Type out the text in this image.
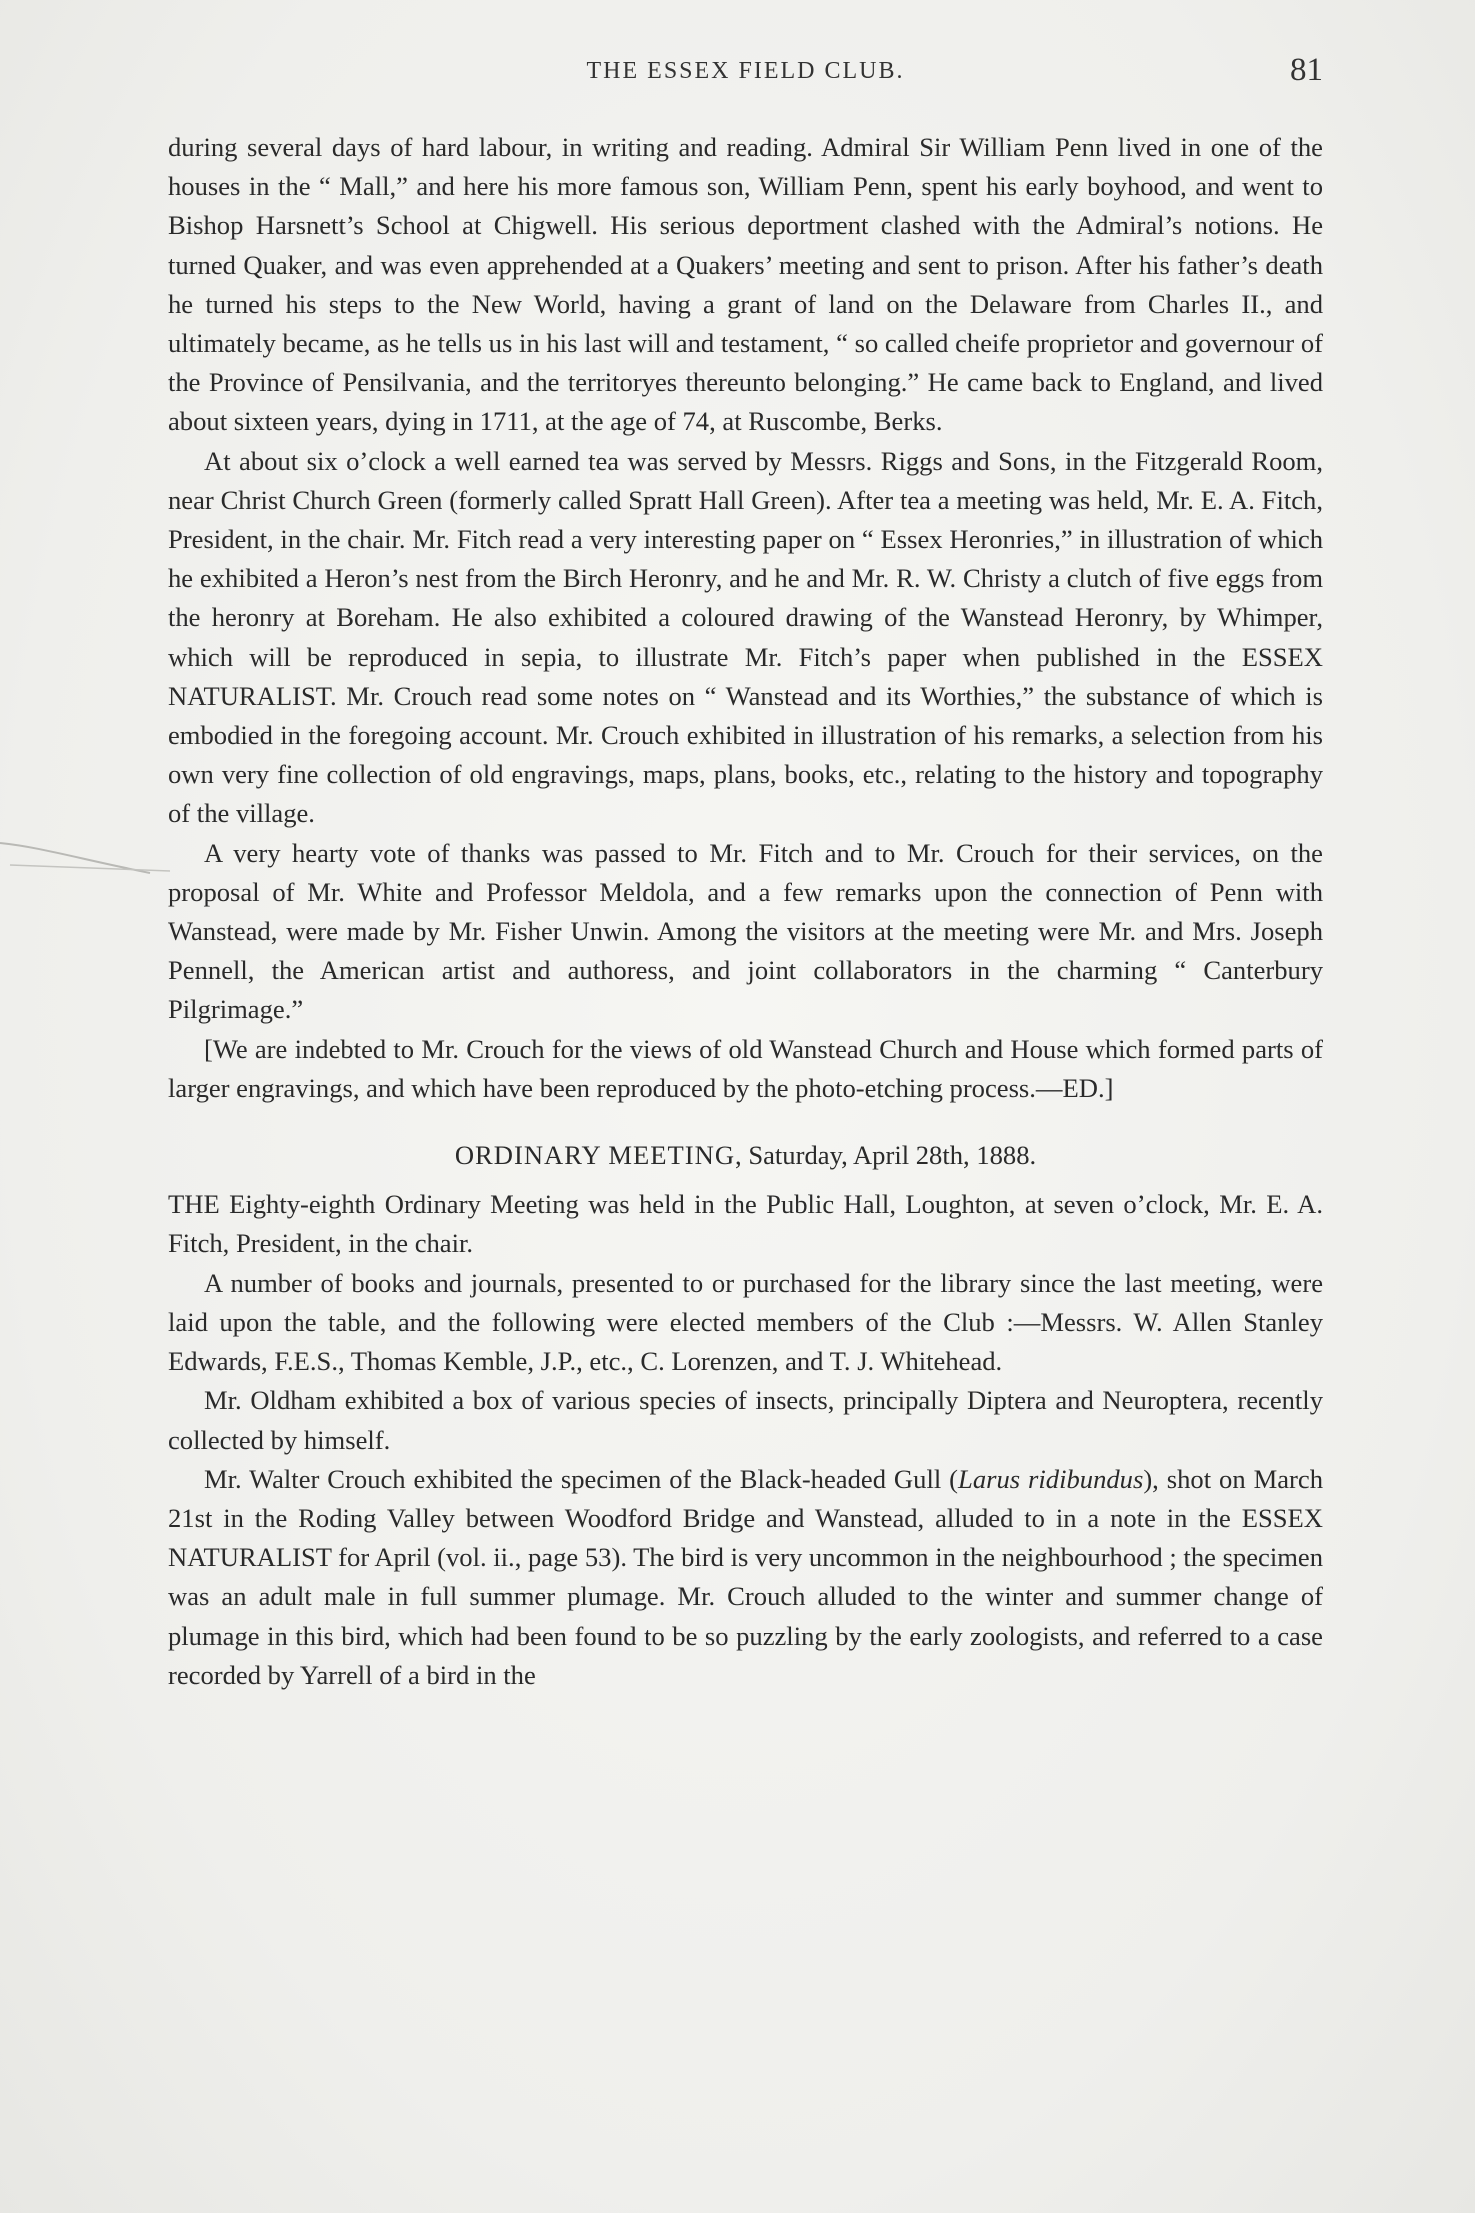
THE ESSEX FIELD CLUB.	81

during several days of hard labour, in writing and reading. Admiral Sir William Penn lived in one of the houses in the “ Mall,” and here his more famous son, William Penn, spent his early boyhood, and went to Bishop Harsnett’s School at Chigwell. His serious deportment clashed with the Admiral’s notions. He turned Quaker, and was even apprehended at a Quakers’ meeting and sent to prison. After his father’s death he turned his steps to the New World, having a grant of land on the Delaware from Charles II., and ultimately became, as he tells us in his last will and testament, “ so called cheife proprietor and governour of the Province of Pensilvania, and the territoryes thereunto belonging.” He came back to England, and lived about sixteen years, dying in 1711, at the age of 74, at Ruscombe, Berks.

At about six o’clock a well earned tea was served by Messrs. Riggs and Sons, in the Fitzgerald Room, near Christ Church Green (formerly called Spratt Hall Green). After tea a meeting was held, Mr. E. A. Fitch, President, in the chair. Mr. Fitch read a very interesting paper on “ Essex Heronries,” in illustration of which he exhibited a Heron’s nest from the Birch Heronry, and he and Mr. R. W. Christy a clutch of five eggs from the heronry at Boreham. He also exhibited a coloured drawing of the Wanstead Heronry, by Whimper, which will be reproduced in sepia, to illustrate Mr. Fitch’s paper when published in the ESSEX NATURALIST. Mr. Crouch read some notes on “ Wanstead and its Worthies,” the substance of which is embodied in the foregoing account. Mr. Crouch exhibited in illustration of his remarks, a selection from his own very fine collection of old engravings, maps, plans, books, etc., relating to the history and topography of the village.

A very hearty vote of thanks was passed to Mr. Fitch and to Mr. Crouch for their services, on the proposal of Mr. White and Professor Meldola, and a few remarks upon the connection of Penn with Wanstead, were made by Mr. Fisher Unwin. Among the visitors at the meeting were Mr. and Mrs. Joseph Pennell, the American artist and authoress, and joint collaborators in the charming “ Canterbury Pilgrimage.”

[We are indebted to Mr. Crouch for the views of old Wanstead Church and House which formed parts of larger engravings, and which have been reproduced by the photo-etching process.—ED.]

ORDINARY MEETING, Saturday, April 28th, 1888.

THE Eighty-eighth Ordinary Meeting was held in the Public Hall, Loughton, at seven o’clock, Mr. E. A. Fitch, President, in the chair.

A number of books and journals, presented to or purchased for the library since the last meeting, were laid upon the table, and the following were elected members of the Club :—Messrs. W. Allen Stanley Edwards, F.E.S., Thomas Kemble, J.P., etc., C. Lorenzen, and T. J. Whitehead.

Mr. Oldham exhibited a box of various species of insects, principally Diptera and Neuroptera, recently collected by himself.

Mr. Walter Crouch exhibited the specimen of the Black-headed Gull (Larus ridibundus), shot on March 21st in the Roding Valley between Woodford Bridge and Wanstead, alluded to in a note in the ESSEX NATURALIST for April (vol. ii., page 53). The bird is very uncommon in the neighbourhood ; the specimen was an adult male in full summer plumage. Mr. Crouch alluded to the winter and summer change of plumage in this bird, which had been found to be so puzzling by the early zoologists, and referred to a case recorded by Yarrell of a bird in the
